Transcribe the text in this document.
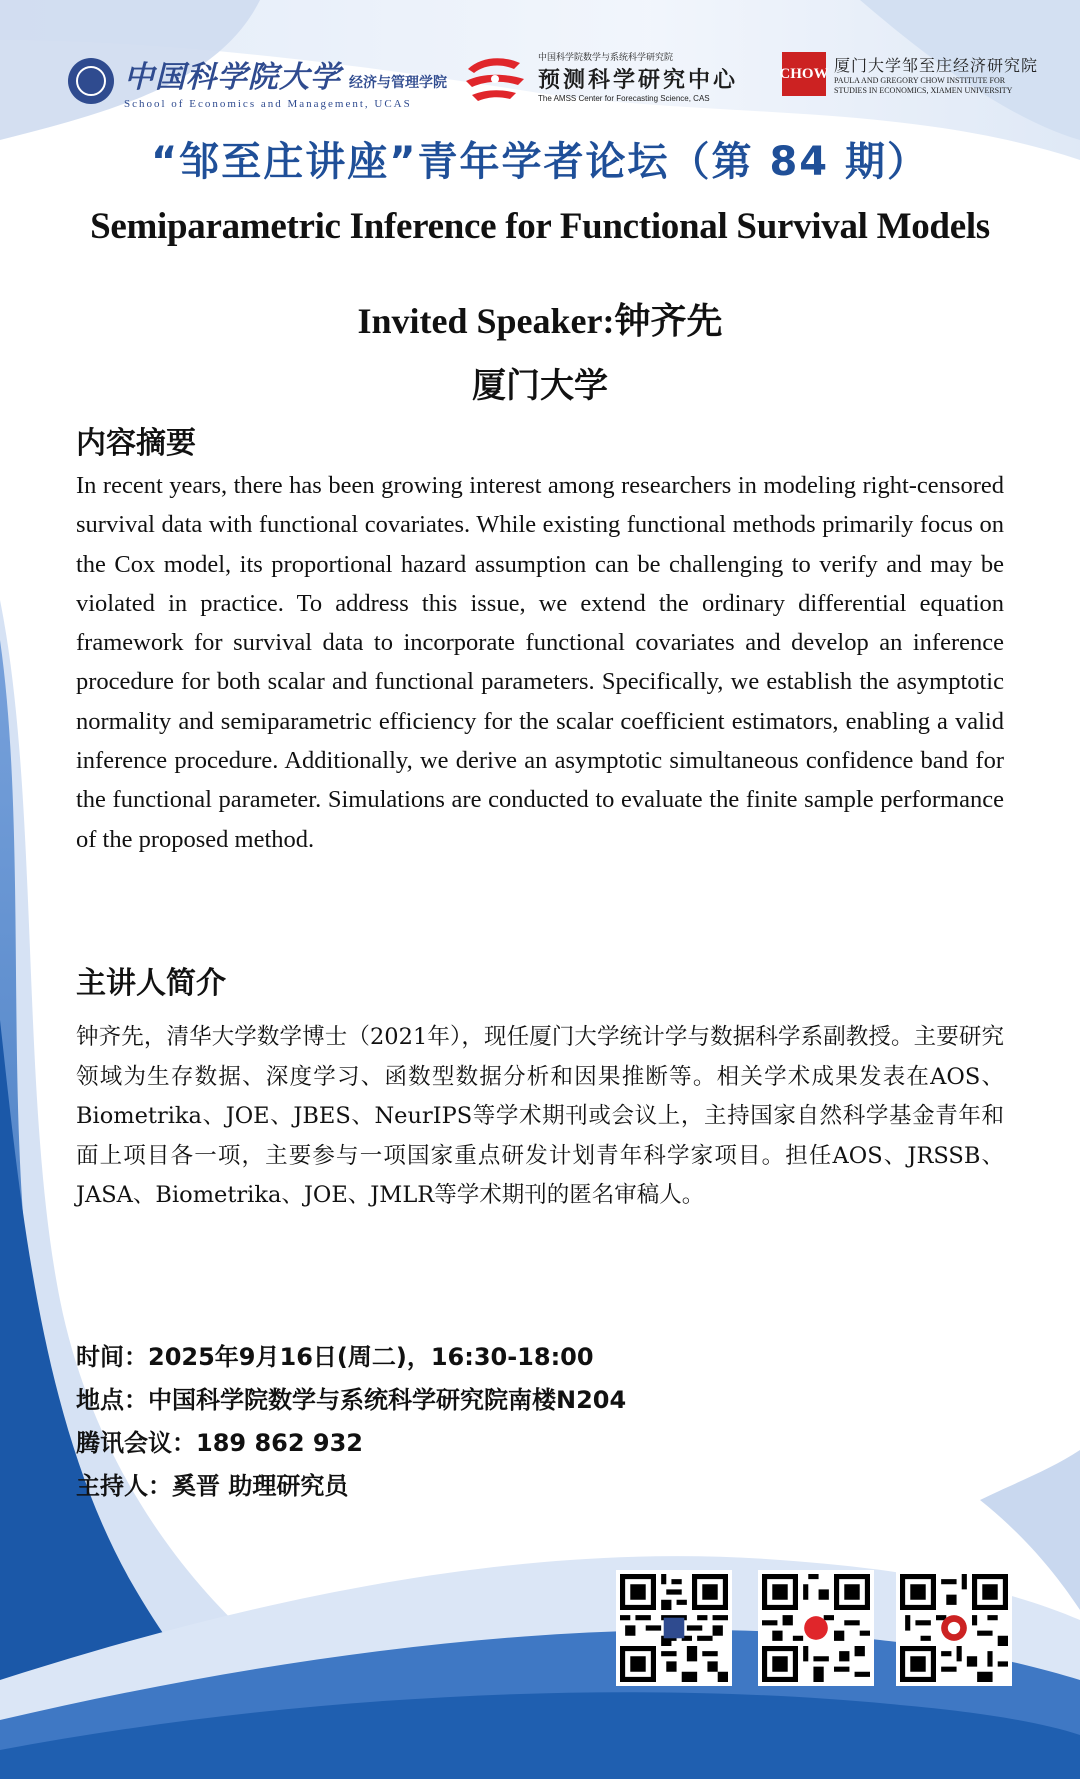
中国科学院大学 经济与管理学院
School of Economics and Management, UCAS
中国科学院数学与系统科学研究院
预测科学研究中心
The AMSS Center for Forecasting Science, CAS
CHOW 厦门大学邹至庄经济研究院
PAULA AND GREGORY CHOW INSTITUTE FOR STUDIES IN ECONOMICS, XIAMEN UNIVERSITY
“邹至庄讲座”青年学者论坛（第 84 期）
Semiparametric Inference for Functional Survival Models
Invited Speaker:钟齐先
厦门大学
内容摘要

In recent years, there has been growing interest among researchers in modeling right-censored survival data with functional covariates. While existing functional methods primarily focus on the Cox model, its proportional hazard assumption can be challenging to verify and may be violated in practice. To address this issue, we extend the ordinary differential equation framework for survival data to incorporate functional covariates and develop an inference procedure for both scalar and functional parameters. Specifically, we establish the asymptotic normality and semiparametric efficiency for the scalar coefficient estimators, enabling a valid inference procedure. Additionally, we derive an asymptotic simultaneous confidence band for the functional parameter. Simulations are conducted to evaluate the finite sample performance of the proposed method.

主讲人简介

钟齐先，清华大学数学博士（2021年），现任厦门大学统计学与数据科学系副教授。主要研究领域为生存数据、深度学习、函数型数据分析和因果推断等。相关学术成果发表在AOS、Biometrika、JOE、JBES、NeurIPS等学术期刊或会议上，主持国家自然科学基金青年和面上项目各一项，主要参与一项国家重点研发计划青年科学家项目。担任AOS、JRSSB、JASA、Biometrika、JOE、JMLR等学术期刊的匿名审稿人。

时间：2025年9月16日(周二)，16:30-18:00
地点：中国科学院数学与系统科学研究院南楼N204
腾讯会议：189 862 932
主持人：奚晋 助理研究员
